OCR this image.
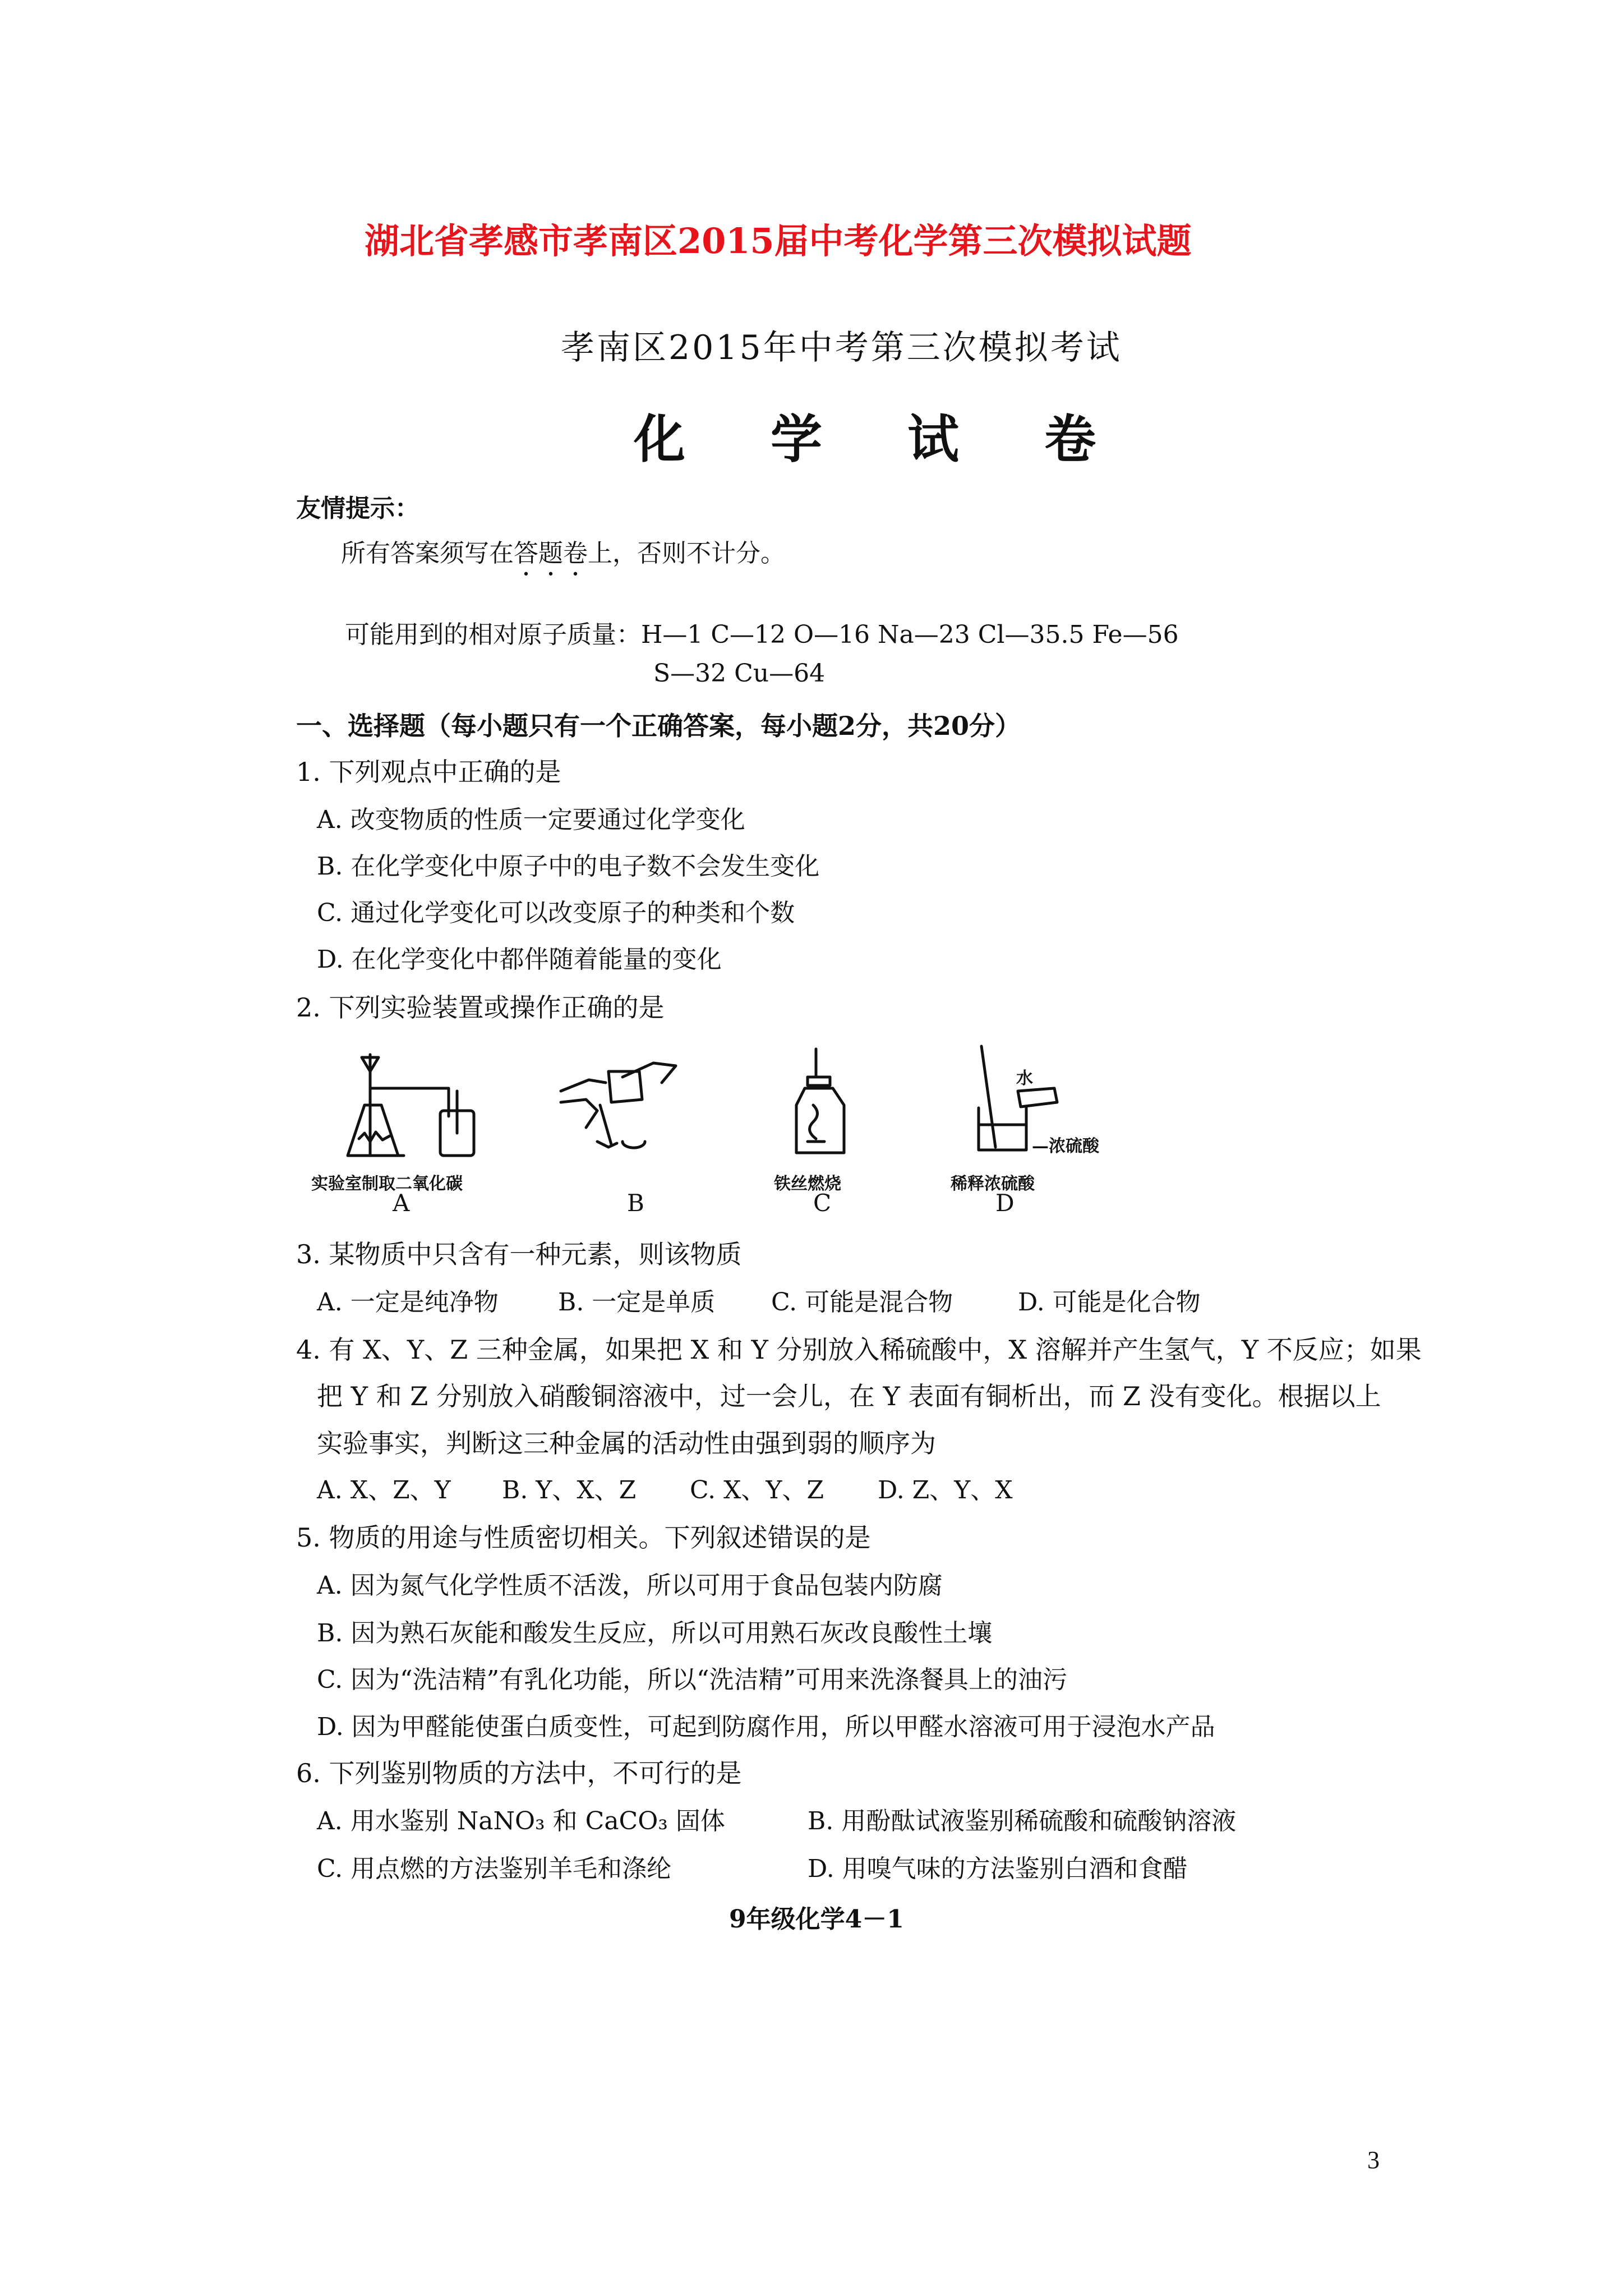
湖北省孝感市孝南区2015届中考化学第三次模拟试题
孝南区2015年中考第三次模拟考试
化 学 试 卷
友情提示：
所有答案须写在答题卷上，否则不计分。
可能用到的相对原子质量：H—1 C—12 O—16 Na—23 Cl—35.5 Fe—56
S—32 Cu—64
一、选择题（每小题只有一个正确答案，每小题2分，共20分）
1. 下列观点中正确的是
A. 改变物质的性质一定要通过化学变化
B. 在化学变化中原子中的电子数不会发生变化
C. 通过化学变化可以改变原子的种类和个数
D. 在化学变化中都伴随着能量的变化
2. 下列实验装置或操作正确的是
实验室制取二氧化碳
A	B
铁丝燃烧
C
水
—浓硫酸
稀释浓硫酸
D
3. 某物质中只含有一种元素，则该物质
A. 一定是纯净物 B. 一定是单质 C. 可能是混合物	D. 可能是化合物
4. 有 X、Y、Z 三种金属，如果把 X 和 Y 分别放入稀硫酸中，X 溶解并产生氢气，Y 不反应；如果
把 Y 和 Z 分别放入硝酸铜溶液中，过一会儿，在 Y 表面有铜析出，而 Z 没有变化。根据以上
实验事实，判断这三种金属的活动性由强到弱的顺序为
A. X、Z、Y B. Y、X、Z C. X、Y、Z D. Z、Y、X
5. 物质的用途与性质密切相关。下列叙述错误的是
A. 因为氮气化学性质不活泼，所以可用于食品包装内防腐
B. 因为熟石灰能和酸发生反应，所以可用熟石灰改良酸性土壤
C. 因为“洗洁精”有乳化功能，所以“洗洁精”可用来洗涤餐具上的油污
D. 因为甲醛能使蛋白质变性，可起到防腐作用，所以甲醛水溶液可用于浸泡水产品
6. 下列鉴别物质的方法中，不可行的是
A. 用水鉴别 NaNO₃ 和 CaCO₃ 固体	B. 用酚酞试液鉴别稀硫酸和硫酸钠溶液
C. 用点燃的方法鉴别羊毛和涤纶	D. 用嗅气味的方法鉴别白酒和食醋
9年级化学4－1
3
